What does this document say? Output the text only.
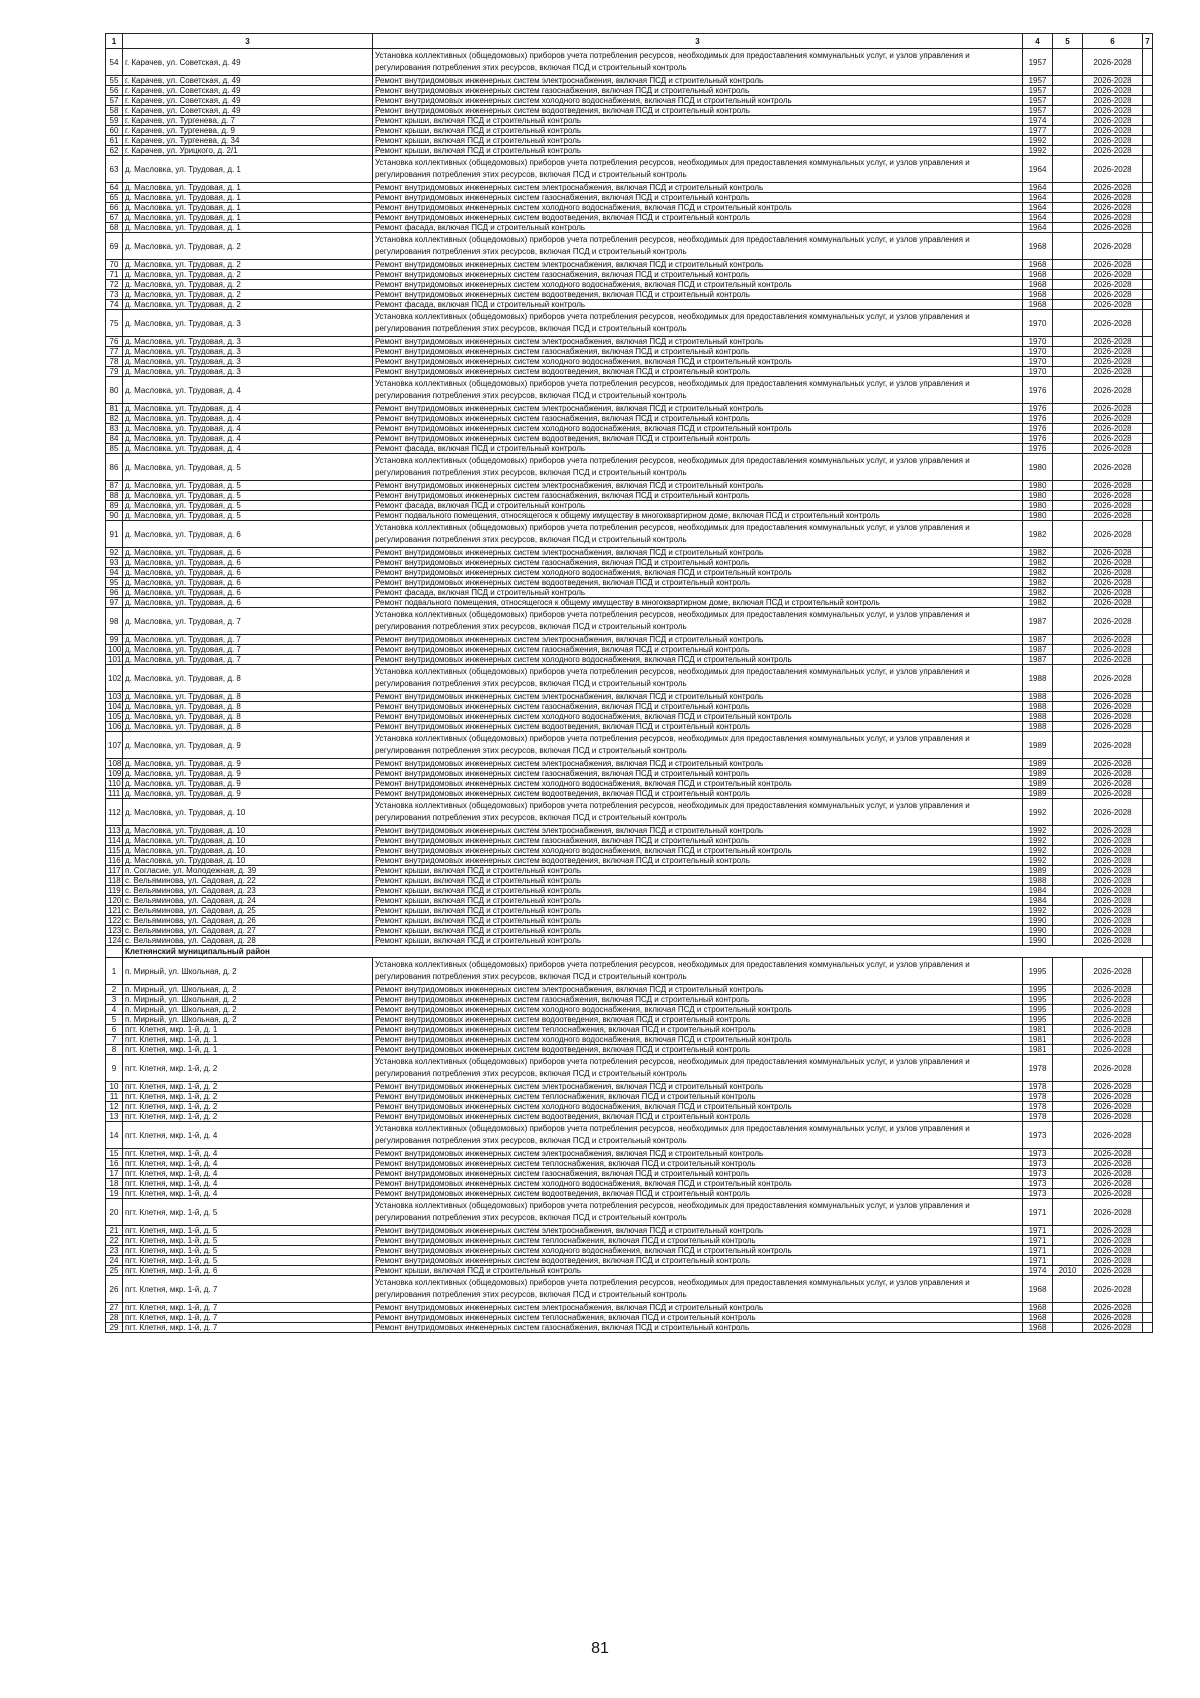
1	3	3	4	5	6	7
54	г. Карачев, ул. Советская, д. 49	Установка коллективных (общедомовых) приборов учета потребления ресурсов, необходимых для предоставления коммунальных услуг, и узлов управления и регулирования потребления этих ресурсов, включая ПСД и строительный контроль	1957		2026-2028	
55	г. Карачев, ул. Советская, д. 49	Ремонт внутридомовых инженерных систем электроснабжения, включая ПСД и строительный контроль	1957		2026-2028	
56	г. Карачев, ул. Советская, д. 49	Ремонт внутридомовых инженерных систем газоснабжения, включая ПСД и строительный контроль	1957		2026-2028	
57	г. Карачев, ул. Советская, д. 49	Ремонт внутридомовых инженерных систем холодного водоснабжения, включая ПСД и строительный контроль	1957		2026-2028	
58	г. Карачев, ул. Советская, д. 49	Ремонт внутридомовых инженерных систем водоотведения, включая ПСД и строительный контроль	1957		2026-2028	
59	г. Карачев, ул. Тургенева, д. 7	Ремонт крыши, включая ПСД и строительный контроль	1974		2026-2028	
60	г. Карачев, ул. Тургенева, д. 9	Ремонт крыши, включая ПСД и строительный контроль	1977		2026-2028	
61	г. Карачев, ул. Тургенева, д. 34	Ремонт крыши, включая ПСД и строительный контроль	1992		2026-2028	
62	г. Карачев, ул. Урицкого, д. 2/1	Ремонт крыши, включая ПСД и строительный контроль	1992		2026-2028	
63	д. Масловка, ул. Трудовая, д. 1	Установка коллективных (общедомовых) приборов учета потребления ресурсов, необходимых для предоставления коммунальных услуг, и узлов управления и регулирования потребления этих ресурсов, включая ПСД и строительный контроль	1964		2026-2028	
64	д. Масловка, ул. Трудовая, д. 1	Ремонт внутридомовых инженерных систем электроснабжения, включая ПСД и строительный контроль	1964		2026-2028	
65	д. Масловка, ул. Трудовая, д. 1	Ремонт внутридомовых инженерных систем газоснабжения, включая ПСД и строительный контроль	1964		2026-2028	
66	д. Масловка, ул. Трудовая, д. 1	Ремонт внутридомовых инженерных систем холодного водоснабжения, включая ПСД и строительный контроль	1964		2026-2028	
67	д. Масловка, ул. Трудовая, д. 1	Ремонт внутридомовых инженерных систем водоотведения, включая ПСД и строительный контроль	1964		2026-2028	
68	д. Масловка, ул. Трудовая, д. 1	Ремонт фасада, включая ПСД и строительный контроль	1964		2026-2028	
69	д. Масловка, ул. Трудовая, д. 2	Установка коллективных (общедомовых) приборов учета потребления ресурсов, необходимых для предоставления коммунальных услуг, и узлов управления и регулирования потребления этих ресурсов, включая ПСД и строительный контроль	1968		2026-2028	
70	д. Масловка, ул. Трудовая, д. 2	Ремонт внутридомовых инженерных систем электроснабжения, включая ПСД и строительный контроль	1968		2026-2028	
71	д. Масловка, ул. Трудовая, д. 2	Ремонт внутридомовых инженерных систем газоснабжения, включая ПСД и строительный контроль	1968		2026-2028	
72	д. Масловка, ул. Трудовая, д. 2	Ремонт внутридомовых инженерных систем холодного водоснабжения, включая ПСД и строительный контроль	1968		2026-2028	
73	д. Масловка, ул. Трудовая, д. 2	Ремонт внутридомовых инженерных систем водоотведения, включая ПСД и строительный контроль	1968		2026-2028	
74	д. Масловка, ул. Трудовая, д. 2	Ремонт фасада, включая ПСД и строительный контроль	1968		2026-2028	
75	д. Масловка, ул. Трудовая, д. 3	Установка коллективных (общедомовых) приборов учета потребления ресурсов, необходимых для предоставления коммунальных услуг, и узлов управления и регулирования потребления этих ресурсов, включая ПСД и строительный контроль	1970		2026-2028	
76	д. Масловка, ул. Трудовая, д. 3	Ремонт внутридомовых инженерных систем электроснабжения, включая ПСД и строительный контроль	1970		2026-2028	
77	д. Масловка, ул. Трудовая, д. 3	Ремонт внутридомовых инженерных систем газоснабжения, включая ПСД и строительный контроль	1970		2026-2028	
78	д. Масловка, ул. Трудовая, д. 3	Ремонт внутридомовых инженерных систем холодного водоснабжения, включая ПСД и строительный контроль	1970		2026-2028	
79	д. Масловка, ул. Трудовая, д. 3	Ремонт внутридомовых инженерных систем водоотведения, включая ПСД и строительный контроль	1970		2026-2028	
80	д. Масловка, ул. Трудовая, д. 4	Установка коллективных (общедомовых) приборов учета потребления ресурсов, необходимых для предоставления коммунальных услуг, и узлов управления и регулирования потребления этих ресурсов, включая ПСД и строительный контроль	1976		2026-2028	
81	д. Масловка, ул. Трудовая, д. 4	Ремонт внутридомовых инженерных систем электроснабжения, включая ПСД и строительный контроль	1976		2026-2028	
82	д. Масловка, ул. Трудовая, д. 4	Ремонт внутридомовых инженерных систем газоснабжения, включая ПСД и строительный контроль	1976		2026-2028	
83	д. Масловка, ул. Трудовая, д. 4	Ремонт внутридомовых инженерных систем холодного водоснабжения, включая ПСД и строительный контроль	1976		2026-2028	
84	д. Масловка, ул. Трудовая, д. 4	Ремонт внутридомовых инженерных систем водоотведения, включая ПСД и строительный контроль	1976		2026-2028	
85	д. Масловка, ул. Трудовая, д. 4	Ремонт фасада, включая ПСД и строительный контроль	1976		2026-2028	
86	д. Масловка, ул. Трудовая, д. 5	Установка коллективных (общедомовых) приборов учета потребления ресурсов, необходимых для предоставления коммунальных услуг, и узлов управления и регулирования потребления этих ресурсов, включая ПСД и строительный контроль	1980		2026-2028	
87	д. Масловка, ул. Трудовая, д. 5	Ремонт внутридомовых инженерных систем электроснабжения, включая ПСД и строительный контроль	1980		2026-2028	
88	д. Масловка, ул. Трудовая, д. 5	Ремонт внутридомовых инженерных систем газоснабжения, включая ПСД и строительный контроль	1980		2026-2028	
89	д. Масловка, ул. Трудовая, д. 5	Ремонт фасада, включая ПСД и строительный контроль	1980		2026-2028	
90	д. Масловка, ул. Трудовая, д. 5	Ремонт подвального помещения, относящегося к общему имуществу в многоквартирном доме, включая ПСД и строительный контроль	1980		2026-2028	
91	д. Масловка, ул. Трудовая, д. 6	Установка коллективных (общедомовых) приборов учета потребления ресурсов, необходимых для предоставления коммунальных услуг, и узлов управления и регулирования потребления этих ресурсов, включая ПСД и строительный контроль	1982		2026-2028	
92	д. Масловка, ул. Трудовая, д. 6	Ремонт внутридомовых инженерных систем электроснабжения, включая ПСД и строительный контроль	1982		2026-2028	
93	д. Масловка, ул. Трудовая, д. 6	Ремонт внутридомовых инженерных систем газоснабжения, включая ПСД и строительный контроль	1982		2026-2028	
94	д. Масловка, ул. Трудовая, д. 6	Ремонт внутридомовых инженерных систем холодного водоснабжения, включая ПСД и строительный контроль	1982		2026-2028	
95	д. Масловка, ул. Трудовая, д. 6	Ремонт внутридомовых инженерных систем водоотведения, включая ПСД и строительный контроль	1982		2026-2028	
96	д. Масловка, ул. Трудовая, д. 6	Ремонт фасада, включая ПСД и строительный контроль	1982		2026-2028	
97	д. Масловка, ул. Трудовая, д. 6	Ремонт подвального помещения, относящегося к общему имуществу в многоквартирном доме, включая ПСД и строительный контроль	1982		2026-2028	
98	д. Масловка, ул. Трудовая, д. 7	Установка коллективных (общедомовых) приборов учета потребления ресурсов, необходимых для предоставления коммунальных услуг, и узлов управления и регулирования потребления этих ресурсов, включая ПСД и строительный контроль	1987		2026-2028	
99	д. Масловка, ул. Трудовая, д. 7	Ремонт внутридомовых инженерных систем электроснабжения, включая ПСД и строительный контроль	1987		2026-2028	
100	д. Масловка, ул. Трудовая, д. 7	Ремонт внутридомовых инженерных систем газоснабжения, включая ПСД и строительный контроль	1987		2026-2028	
101	д. Масловка, ул. Трудовая, д. 7	Ремонт внутридомовых инженерных систем холодного водоснабжения, включая ПСД и строительный контроль	1987		2026-2028	
102	д. Масловка, ул. Трудовая, д. 8	Установка коллективных (общедомовых) приборов учета потребления ресурсов, необходимых для предоставления коммунальных услуг, и узлов управления и регулирования потребления этих ресурсов, включая ПСД и строительный контроль	1988		2026-2028	
103	д. Масловка, ул. Трудовая, д. 8	Ремонт внутридомовых инженерных систем электроснабжения, включая ПСД и строительный контроль	1988		2026-2028	
104	д. Масловка, ул. Трудовая, д. 8	Ремонт внутридомовых инженерных систем газоснабжения, включая ПСД и строительный контроль	1988		2026-2028	
105	д. Масловка, ул. Трудовая, д. 8	Ремонт внутридомовых инженерных систем холодного водоснабжения, включая ПСД и строительный контроль	1988		2026-2028	
106	д. Масловка, ул. Трудовая, д. 8	Ремонт внутридомовых инженерных систем водоотведения, включая ПСД и строительный контроль	1988		2026-2028	
107	д. Масловка, ул. Трудовая, д. 9	Установка коллективных (общедомовых) приборов учета потребления ресурсов, необходимых для предоставления коммунальных услуг, и узлов управления и регулирования потребления этих ресурсов, включая ПСД и строительный контроль	1989		2026-2028	
108	д. Масловка, ул. Трудовая, д. 9	Ремонт внутридомовых инженерных систем электроснабжения, включая ПСД и строительный контроль	1989		2026-2028	
109	д. Масловка, ул. Трудовая, д. 9	Ремонт внутридомовых инженерных систем газоснабжения, включая ПСД и строительный контроль	1989		2026-2028	
110	д. Масловка, ул. Трудовая, д. 9	Ремонт внутридомовых инженерных систем холодного водоснабжения, включая ПСД и строительный контроль	1989		2026-2028	
111	д. Масловка, ул. Трудовая, д. 9	Ремонт внутридомовых инженерных систем водоотведения, включая ПСД и строительный контроль	1989		2026-2028	
112	д. Масловка, ул. Трудовая, д. 10	Установка коллективных (общедомовых) приборов учета потребления ресурсов, необходимых для предоставления коммунальных услуг, и узлов управления и регулирования потребления этих ресурсов, включая ПСД и строительный контроль	1992		2026-2028	
113	д. Масловка, ул. Трудовая, д. 10	Ремонт внутридомовых инженерных систем электроснабжения, включая ПСД и строительный контроль	1992		2026-2028	
114	д. Масловка, ул. Трудовая, д. 10	Ремонт внутридомовых инженерных систем газоснабжения, включая ПСД и строительный контроль	1992		2026-2028	
115	д. Масловка, ул. Трудовая, д. 10	Ремонт внутридомовых инженерных систем холодного водоснабжения, включая ПСД и строительный контроль	1992		2026-2028	
116	д. Масловка, ул. Трудовая, д. 10	Ремонт внутридомовых инженерных систем водоотведения, включая ПСД и строительный контроль	1992		2026-2028	
117	п. Согласие, ул. Молодежная, д. 39	Ремонт крыши, включая ПСД и строительный контроль	1989		2026-2028	
118	с. Вельяминова, ул. Садовая, д. 22	Ремонт крыши, включая ПСД и строительный контроль	1988		2026-2028	
119	с. Вельяминова, ул. Садовая, д. 23	Ремонт крыши, включая ПСД и строительный контроль	1984		2026-2028	
120	с. Вельяминова, ул. Садовая, д. 24	Ремонт крыши, включая ПСД и строительный контроль	1984		2026-2028	
121	с. Вельяминова, ул. Садовая, д. 25	Ремонт крыши, включая ПСД и строительный контроль	1992		2026-2028	
122	с. Вельяминова, ул. Садовая, д. 26	Ремонт крыши, включая ПСД и строительный контроль	1990		2026-2028	
123	с. Вельяминова, ул. Садовая, д. 27	Ремонт крыши, включая ПСД и строительный контроль	1990		2026-2028	
124	с. Вельяминова, ул. Садовая, д. 28	Ремонт крыши, включая ПСД и строительный контроль	1990		2026-2028	
	Клетнянский муниципальный район					
1	п. Мирный, ул. Школьная, д. 2	Установка коллективных (общедомовых) приборов учета потребления ресурсов, необходимых для предоставления коммунальных услуг, и узлов управления и регулирования потребления этих ресурсов, включая ПСД и строительный контроль	1995		2026-2028	
2	п. Мирный, ул. Школьная, д. 2	Ремонт внутридомовых инженерных систем электроснабжения, включая ПСД и строительный контроль	1995		2026-2028	
3	п. Мирный, ул. Школьная, д. 2	Ремонт внутридомовых инженерных систем газоснабжения, включая ПСД и строительный контроль	1995		2026-2028	
4	п. Мирный, ул. Школьная, д. 2	Ремонт внутридомовых инженерных систем холодного водоснабжения, включая ПСД и строительный контроль	1995		2026-2028	
5	п. Мирный, ул. Школьная, д. 2	Ремонт внутридомовых инженерных систем водоотведения, включая ПСД и строительный контроль	1995		2026-2028	
6	пгт. Клетня, мкр. 1-й, д. 1	Ремонт внутридомовых инженерных систем теплоснабжения, включая ПСД и строительный контроль	1981		2026-2028	
7	пгт. Клетня, мкр. 1-й, д. 1	Ремонт внутридомовых инженерных систем холодного водоснабжения, включая ПСД и строительный контроль	1981		2026-2028	
8	пгт. Клетня, мкр. 1-й, д. 1	Ремонт внутридомовых инженерных систем водоотведения, включая ПСД и строительный контроль	1981		2026-2028	
9	пгт. Клетня, мкр. 1-й, д. 2	Установка коллективных (общедомовых) приборов учета потребления ресурсов, необходимых для предоставления коммунальных услуг, и узлов управления и регулирования потребления этих ресурсов, включая ПСД и строительный контроль	1978		2026-2028	
10	пгт. Клетня, мкр. 1-й, д. 2	Ремонт внутридомовых инженерных систем электроснабжения, включая ПСД и строительный контроль	1978		2026-2028	
11	пгт. Клетня, мкр. 1-й, д. 2	Ремонт внутридомовых инженерных систем теплоснабжения, включая ПСД и строительный контроль	1978		2026-2028	
12	пгт. Клетня, мкр. 1-й, д. 2	Ремонт внутридомовых инженерных систем холодного водоснабжения, включая ПСД и строительный контроль	1978		2026-2028	
13	пгт. Клетня, мкр. 1-й, д. 2	Ремонт внутридомовых инженерных систем водоотведения, включая ПСД и строительный контроль	1978		2026-2028	
14	пгт. Клетня, мкр. 1-й, д. 4	Установка коллективных (общедомовых) приборов учета потребления ресурсов, необходимых для предоставления коммунальных услуг, и узлов управления и регулирования потребления этих ресурсов, включая ПСД и строительный контроль	1973		2026-2028	
15	пгт. Клетня, мкр. 1-й, д. 4	Ремонт внутридомовых инженерных систем электроснабжения, включая ПСД и строительный контроль	1973		2026-2028	
16	пгт. Клетня, мкр. 1-й, д. 4	Ремонт внутридомовых инженерных систем теплоснабжения, включая ПСД и строительный контроль	1973		2026-2028	
17	пгт. Клетня, мкр. 1-й, д. 4	Ремонт внутридомовых инженерных систем газоснабжения, включая ПСД и строительный контроль	1973		2026-2028	
18	пгт. Клетня, мкр. 1-й, д. 4	Ремонт внутридомовых инженерных систем холодного водоснабжения, включая ПСД и строительный контроль	1973		2026-2028	
19	пгт. Клетня, мкр. 1-й, д. 4	Ремонт внутридомовых инженерных систем водоотведения, включая ПСД и строительный контроль	1973		2026-2028	
20	пгт. Клетня, мкр. 1-й, д. 5	Установка коллективных (общедомовых) приборов учета потребления ресурсов, необходимых для предоставления коммунальных услуг, и узлов управления и регулирования потребления этих ресурсов, включая ПСД и строительный контроль	1971		2026-2028	
21	пгт. Клетня, мкр. 1-й, д. 5	Ремонт внутридомовых инженерных систем электроснабжения, включая ПСД и строительный контроль	1971		2026-2028	
22	пгт. Клетня, мкр. 1-й, д. 5	Ремонт внутридомовых инженерных систем теплоснабжения, включая ПСД и строительный контроль	1971		2026-2028	
23	пгт. Клетня, мкр. 1-й, д. 5	Ремонт внутридомовых инженерных систем холодного водоснабжения, включая ПСД и строительный контроль	1971		2026-2028	
24	пгт. Клетня, мкр. 1-й, д. 5	Ремонт внутридомовых инженерных систем водоотведения, включая ПСД и строительный контроль	1971		2026-2028	
25	пгт. Клетня, мкр. 1-й, д. 6	Ремонт крыши, включая ПСД и строительный контроль	1974	2010	2026-2028	
26	пгт. Клетня, мкр. 1-й, д. 7	Установка коллективных (общедомовых) приборов учета потребления ресурсов, необходимых для предоставления коммунальных услуг, и узлов управления и регулирования потребления этих ресурсов, включая ПСД и строительный контроль	1968		2026-2028	
27	пгт. Клетня, мкр. 1-й, д. 7	Ремонт внутридомовых инженерных систем электроснабжения, включая ПСД и строительный контроль	1968		2026-2028	
28	пгт. Клетня, мкр. 1-й, д. 7	Ремонт внутридомовых инженерных систем теплоснабжения, включая ПСД и строительный контроль	1968		2026-2028	
29	пгт. Клетня, мкр. 1-й, д. 7	Ремонт внутридомовых инженерных систем газоснабжения, включая ПСД и строительный контроль	1968		2026-2028	
81
